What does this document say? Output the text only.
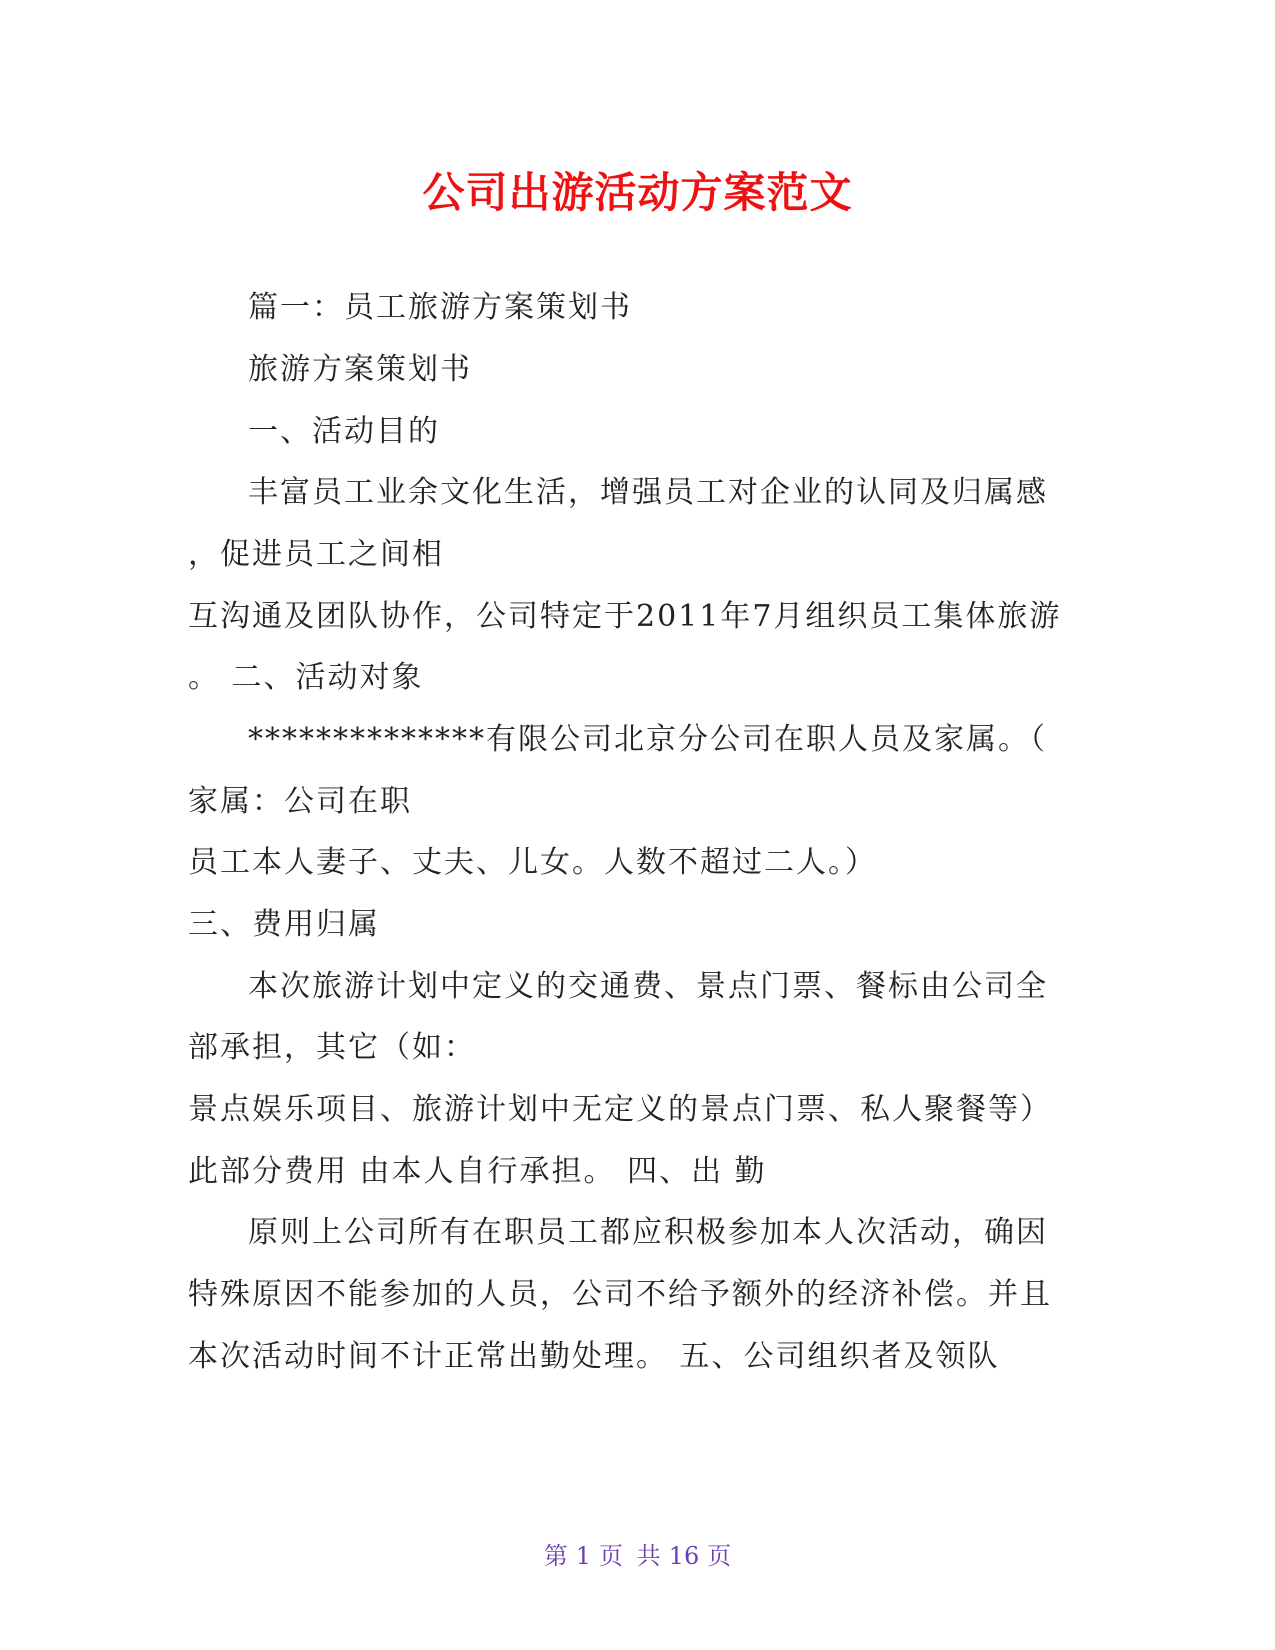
公司出游活动方案范文
篇一：员工旅游方案策划书
旅游方案策划书
一、活动目的
丰富员工业余文化生活，增强员工对企业的认同及归属感
，促进员工之间相
互沟通及团队协作，公司特定于2011年7月组织员工集体旅游
。 二、活动对象
**************有限公司北京分公司在职人员及家属。（
家属：公司在职
员工本人妻子、丈夫、儿女。人数不超过二人。）
三、费用归属
本次旅游计划中定义的交通费、景点门票、餐标由公司全
部承担，其它（如：
景点娱乐项目、旅游计划中无定义的景点门票、私人聚餐等）
此部分费用 由本人自行承担。 四、出 勤
原则上公司所有在职员工都应积极参加本人次活动，确因
特殊原因不能参加的人员，公司不给予额外的经济补偿。并且
本次活动时间不计正常出勤处理。 五、公司组织者及领队
第 1 页 共 16 页
